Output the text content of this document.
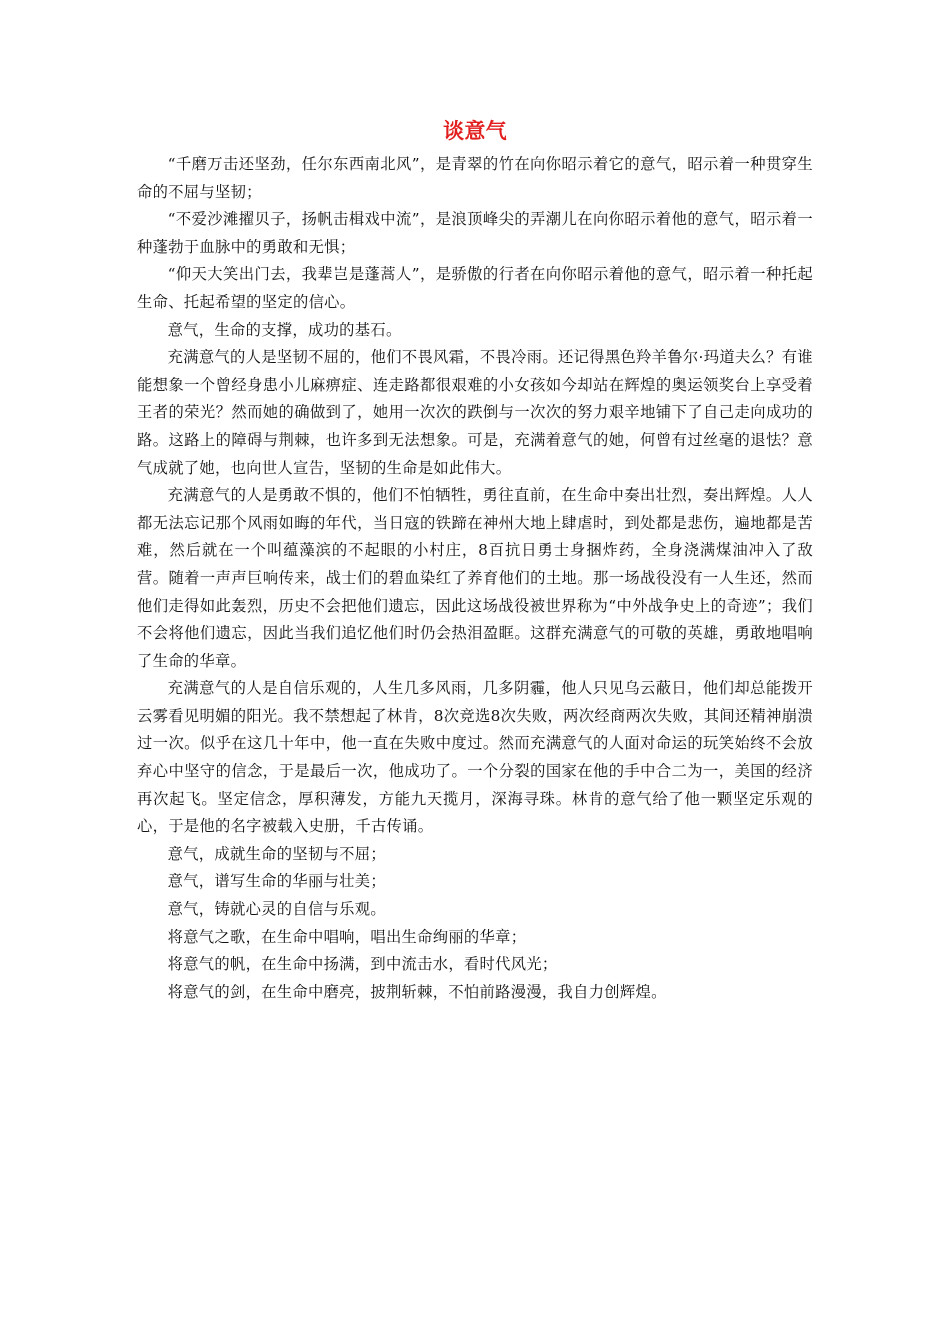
谈意气

“千磨万击还坚劲，任尔东西南北风”，是青翠的竹在向你昭示着它的意气，昭示着一种贯穿生命的不屈与坚韧；

“不爱沙滩擢贝子，扬帆击楫戏中流”，是浪顶峰尖的弄潮儿在向你昭示着他的意气，昭示着一种蓬勃于血脉中的勇敢和无惧；

“仰天大笑出门去，我辈岂是蓬蒿人”，是骄傲的行者在向你昭示着他的意气，昭示着一种托起生命、托起希望的坚定的信心。

意气，生命的支撑，成功的基石。

充满意气的人是坚韧不屈的，他们不畏风霜，不畏冷雨。还记得黑色羚羊鲁尔·玛道夫么？有谁能想象一个曾经身患小儿麻痹症、连走路都很艰难的小女孩如今却站在辉煌的奥运领奖台上享受着王者的荣光？然而她的确做到了，她用一次次的跌倒与一次次的努力艰辛地铺下了自己走向成功的路。这路上的障碍与荆棘，也许多到无法想象。可是，充满着意气的她，何曾有过丝毫的退怯？意气成就了她，也向世人宣告，坚韧的生命是如此伟大。

充满意气的人是勇敢不惧的，他们不怕牺牲，勇往直前，在生命中奏出壮烈，奏出辉煌。人人都无法忘记那个风雨如晦的年代，当日寇的铁蹄在神州大地上肆虐时，到处都是悲伤，遍地都是苦难，然后就在一个叫蕴藻滨的不起眼的小村庄，8百抗日勇士身捆炸药，全身浇满煤油冲入了敌营。随着一声声巨响传来，战士们的碧血染红了养育他们的土地。那一场战役没有一人生还，然而他们走得如此轰烈，历史不会把他们遗忘，因此这场战役被世界称为“中外战争史上的奇迹”；我们不会将他们遗忘，因此当我们追忆他们时仍会热泪盈眶。这群充满意气的可敬的英雄，勇敢地唱响了生命的华章。

充满意气的人是自信乐观的，人生几多风雨，几多阴霾，他人只见乌云蔽日，他们却总能拨开云雾看见明媚的阳光。我不禁想起了林肯，8次竞选8次失败，两次经商两次失败，其间还精神崩溃过一次。似乎在这几十年中，他一直在失败中度过。然而充满意气的人面对命运的玩笑始终不会放弃心中坚守的信念，于是最后一次，他成功了。一个分裂的国家在他的手中合二为一，美国的经济再次起飞。坚定信念，厚积薄发，方能九天揽月，深海寻珠。林肯的意气给了他一颗坚定乐观的心，于是他的名字被载入史册，千古传诵。

意气，成就生命的坚韧与不屈；

意气，谱写生命的华丽与壮美；

意气，铸就心灵的自信与乐观。

将意气之歌，在生命中唱响，唱出生命绚丽的华章；

将意气的帆，在生命中扬满，到中流击水，看时代风光；

将意气的剑，在生命中磨亮，披荆斩棘，不怕前路漫漫，我自力创辉煌。
